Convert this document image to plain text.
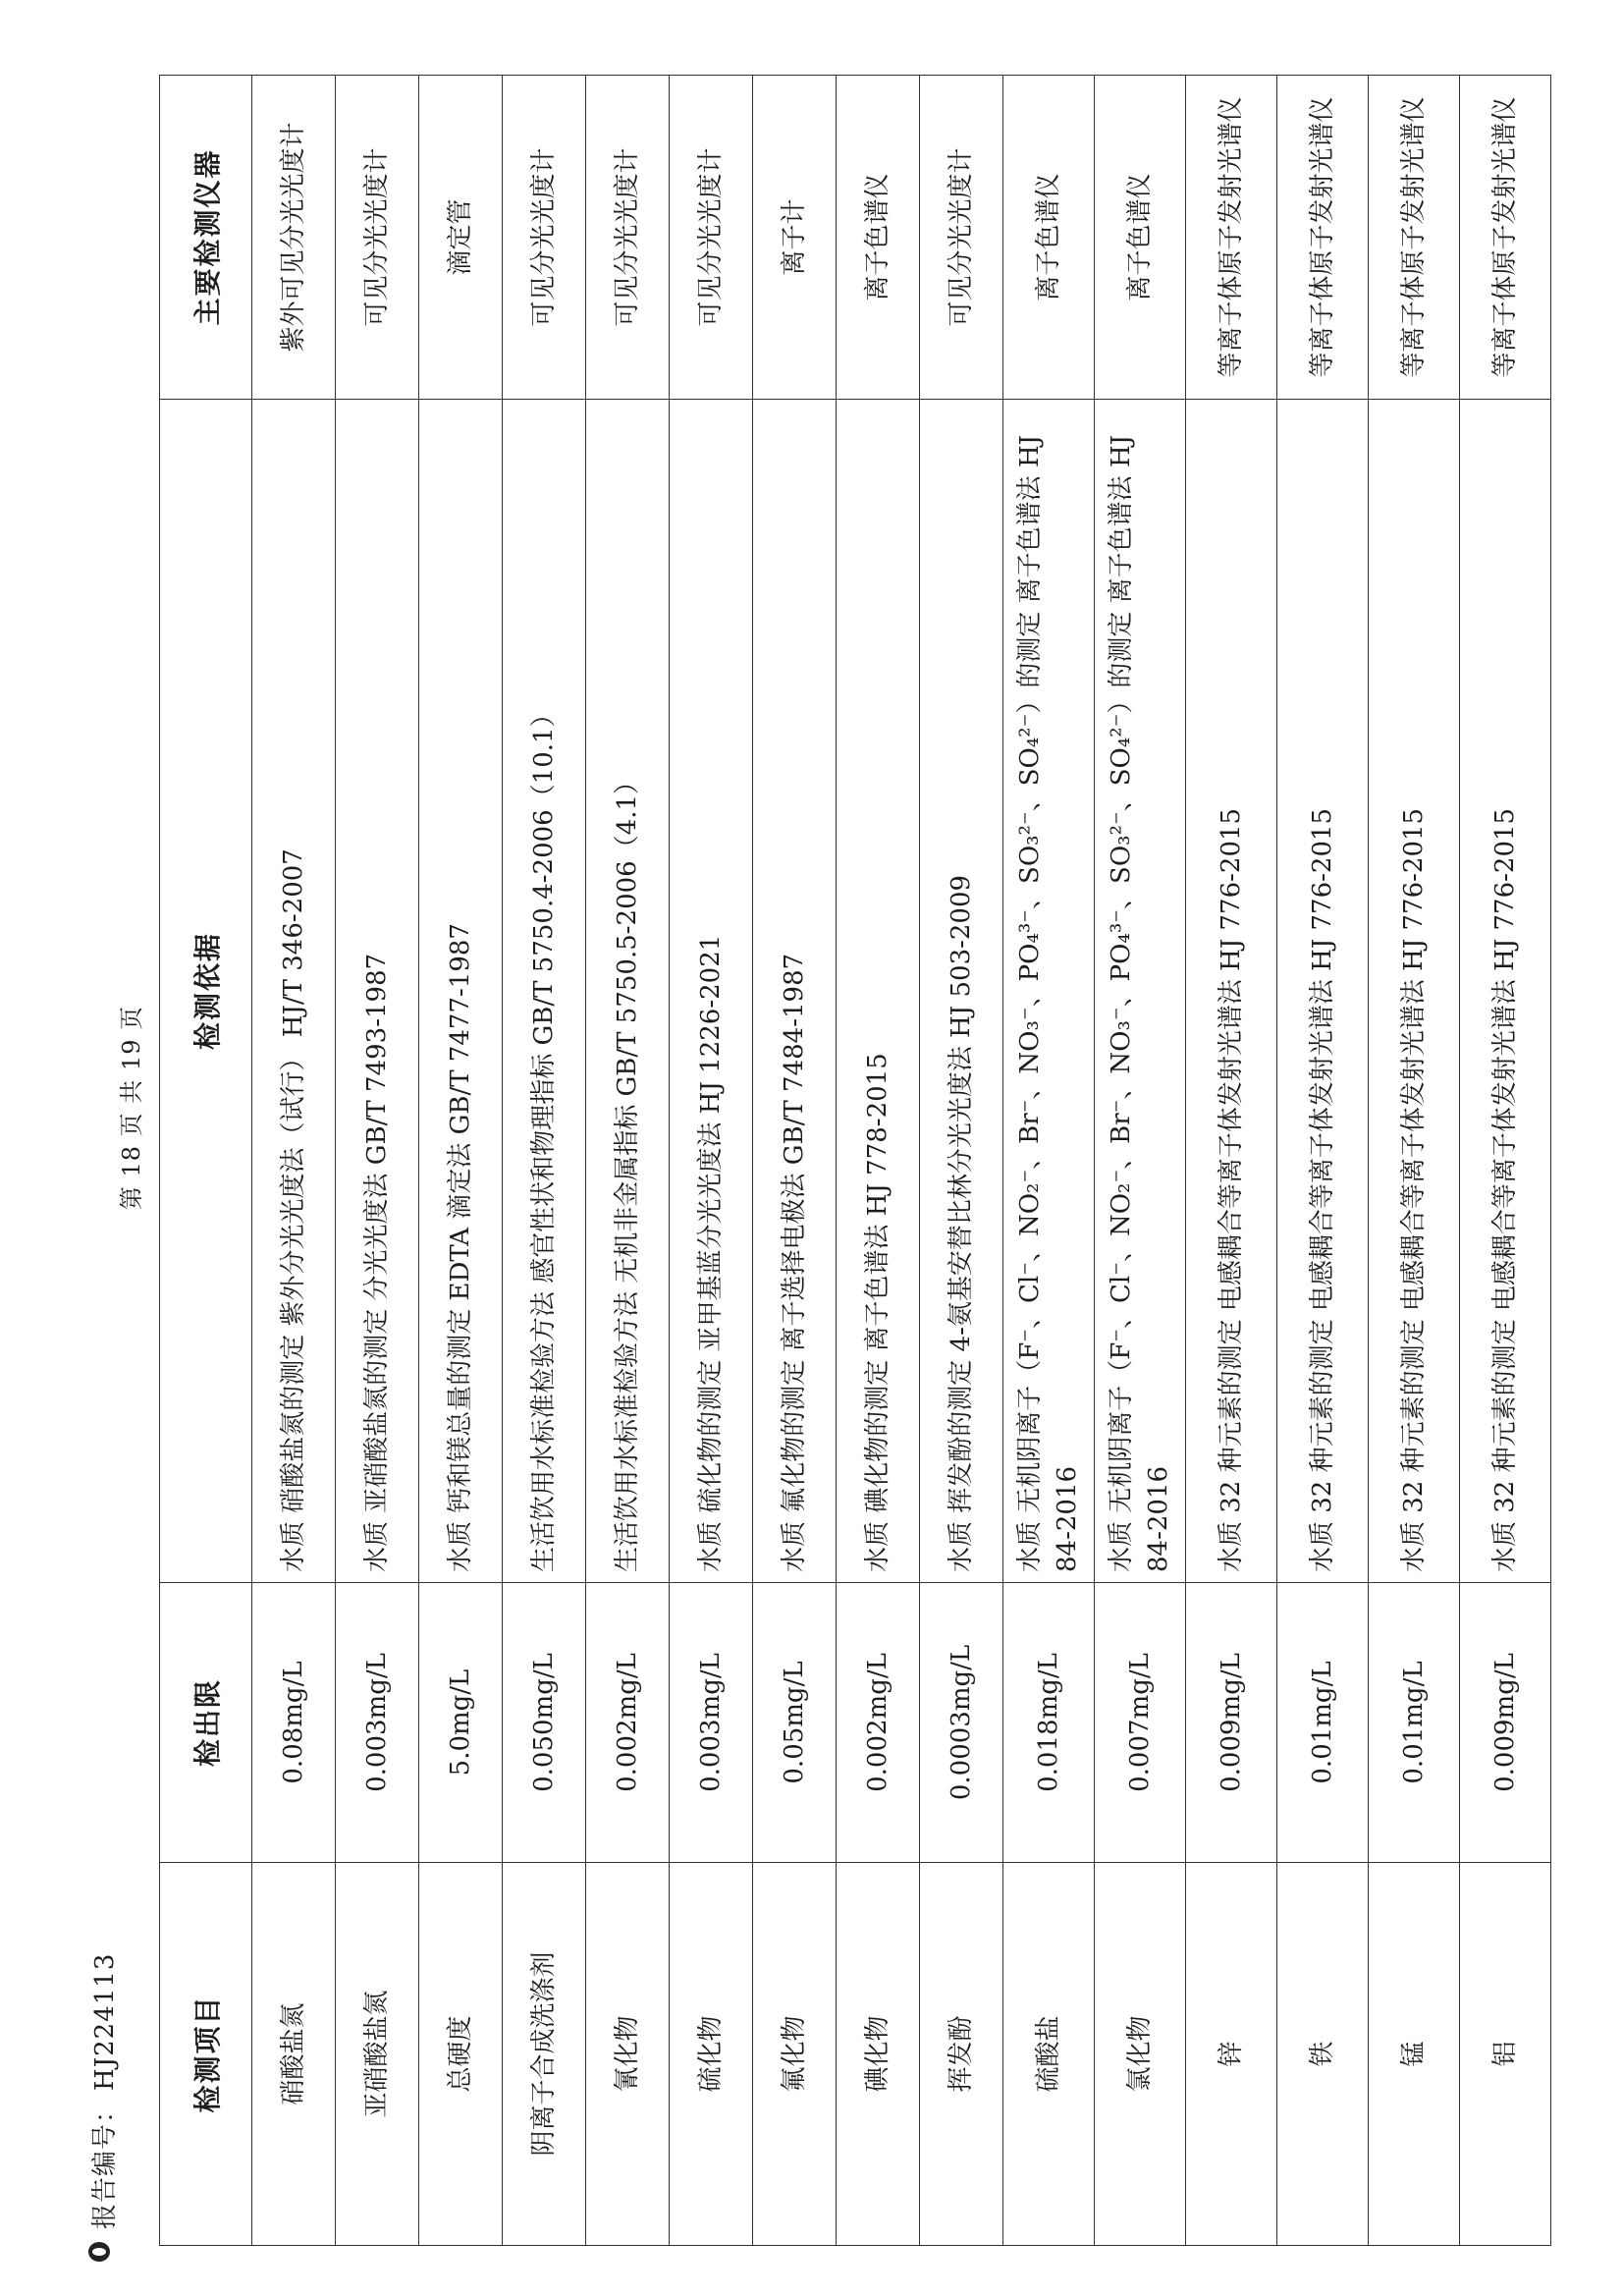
报告编号：HJ224113
第 18 页 共 19 页
检测项目	检出限	检测依据	主要检测仪器
硝酸盐氮	0.08mg/L	水质 硝酸盐氮的测定 紫外分光光度法（试行） HJ/T 346-2007	紫外可见分光光度计
亚硝酸盐氮	0.003mg/L	水质 亚硝酸盐氮的测定 分光光度法 GB/T 7493-1987	可见分光光度计
总硬度	5.0mg/L	水质 钙和镁总量的测定 EDTA 滴定法 GB/T 7477-1987	滴定管
阴离子合成洗涤剂	0.050mg/L	生活饮用水标准检验方法 感官性状和物理指标 GB/T 5750.4-2006（10.1）	可见分光光度计
氰化物	0.002mg/L	生活饮用水标准检验方法 无机非金属指标 GB/T 5750.5-2006（4.1）	可见分光光度计
硫化物	0.003mg/L	水质 硫化物的测定 亚甲基蓝分光光度法 HJ 1226-2021	可见分光光度计
氟化物	0.05mg/L	水质 氟化物的测定 离子选择电极法 GB/T 7484-1987	离子计
碘化物	0.002mg/L	水质 碘化物的测定 离子色谱法 HJ 778-2015	离子色谱仪
挥发酚	0.0003mg/L	水质 挥发酚的测定 4-氨基安替比林分光光度法 HJ 503-2009	可见分光光度计
硫酸盐	0.018mg/L	水质 无机阴离子（F⁻、Cl⁻、NO₂⁻、Br⁻、NO₃⁻、PO₄³⁻、SO₃²⁻、SO₄²⁻）的测定 离子色谱法 HJ 84-2016	离子色谱仪
氯化物	0.007mg/L	水质 无机阴离子（F⁻、Cl⁻、NO₂⁻、Br⁻、NO₃⁻、PO₄³⁻、SO₃²⁻、SO₄²⁻）的测定 离子色谱法 HJ 84-2016	离子色谱仪
锌	0.009mg/L	水质 32 种元素的测定 电感耦合等离子体发射光谱法 HJ 776-2015	等离子体原子发射光谱仪
铁	0.01mg/L	水质 32 种元素的测定 电感耦合等离子体发射光谱法 HJ 776-2015	等离子体原子发射光谱仪
锰	0.01mg/L	水质 32 种元素的测定 电感耦合等离子体发射光谱法 HJ 776-2015	等离子体原子发射光谱仪
铝	0.009mg/L	水质 32 种元素的测定 电感耦合等离子体发射光谱法 HJ 776-2015	等离子体原子发射光谱仪
